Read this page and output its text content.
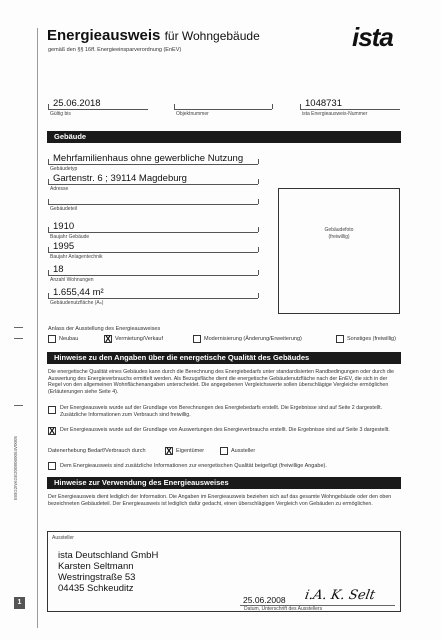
Energieausweis für Wohngebäude
gemäß den §§ 16ff. Energieeinsparverordnung (EnEV)	ista
25.06.2018
Gültig bis	Objektnummer
1048731
ista Energieausweis-Nummer
Gebäude
Mehrfamilienhaus ohne gewerbliche Nutzung
Gebäudetyp
Gartenstr. 6 ; 39114 Magdeburg
Adresse
Gebäudeteil
1910
Baujahr Gebäude
1995
Baujahr Anlagentechnik
18
Anzahl Wohnungen
1.655,44 m²
Gebäudenutzfläche (Aₙ)
Gebäudefoto
(freiwillig)
Anlass der Ausstellung des Energieausweises
Neubau	X Vermietung/Verkauf	Modernisierung (Änderung/Erweiterung)	Sonstiges (freiwillig)
Hinweise zu den Angaben über die energetische Qualität des Gebäudes
Die energetische Qualität eines Gebäudes kann durch die Berechnung des Energiebedarfs unter standardisierten Randbedingungen oder durch die Auswertung des Energieverbrauchs ermittelt werden. Als Bezugsfläche dient die energetische Gebäudenutzfläche nach der EnEV, die sich in der Regel von den allgemeinen Wohnflächenangaben unterscheidet. Die angegebenen Vergleichswerte sollen überschlägige Vergleiche ermöglichen (Erläuterungen siehe Seite 4).
Der Energieausweis wurde auf der Grundlage von Berechnungen des Energiebedarfs erstellt. Die Ergebnisse sind auf Seite 2 dargestellt. Zusätzliche Informationen zum Verbrauch sind freiwillig.
X Der Energieausweis wurde auf der Grundlage von Auswertungen des Energieverbrauchs erstellt. Die Ergebnisse sind auf Seite 3 dargestellt.
Datenerhebung Bedarf/Verbrauch durch X Eigentümer	Aussteller
Dem Energieausweis sind zusätzliche Informationen zur energetischen Qualität beigefügt (freiwillige Angabe).
Hinweise zur Verwendung des Energieausweises
Der Energieausweis dient lediglich der Information. Die Angaben im Energieausweis beziehen sich auf das gesamte Wohngebäude oder den oben bezeichneten Gebäudeteil. Der Energieausweis ist lediglich dafür gedacht, einen überschlägigen Vergleich von Gebäuden zu ermöglichen.
Aussteller
ista Deutschland GmbH
Karsten Seltmann
Westringstraße 53
04435 Schkeuditz
25.06.2008
Datum, Unterschrift des Ausstellers
i.A. K. Selt
EIBG2NKGE2008060054V0005
1
